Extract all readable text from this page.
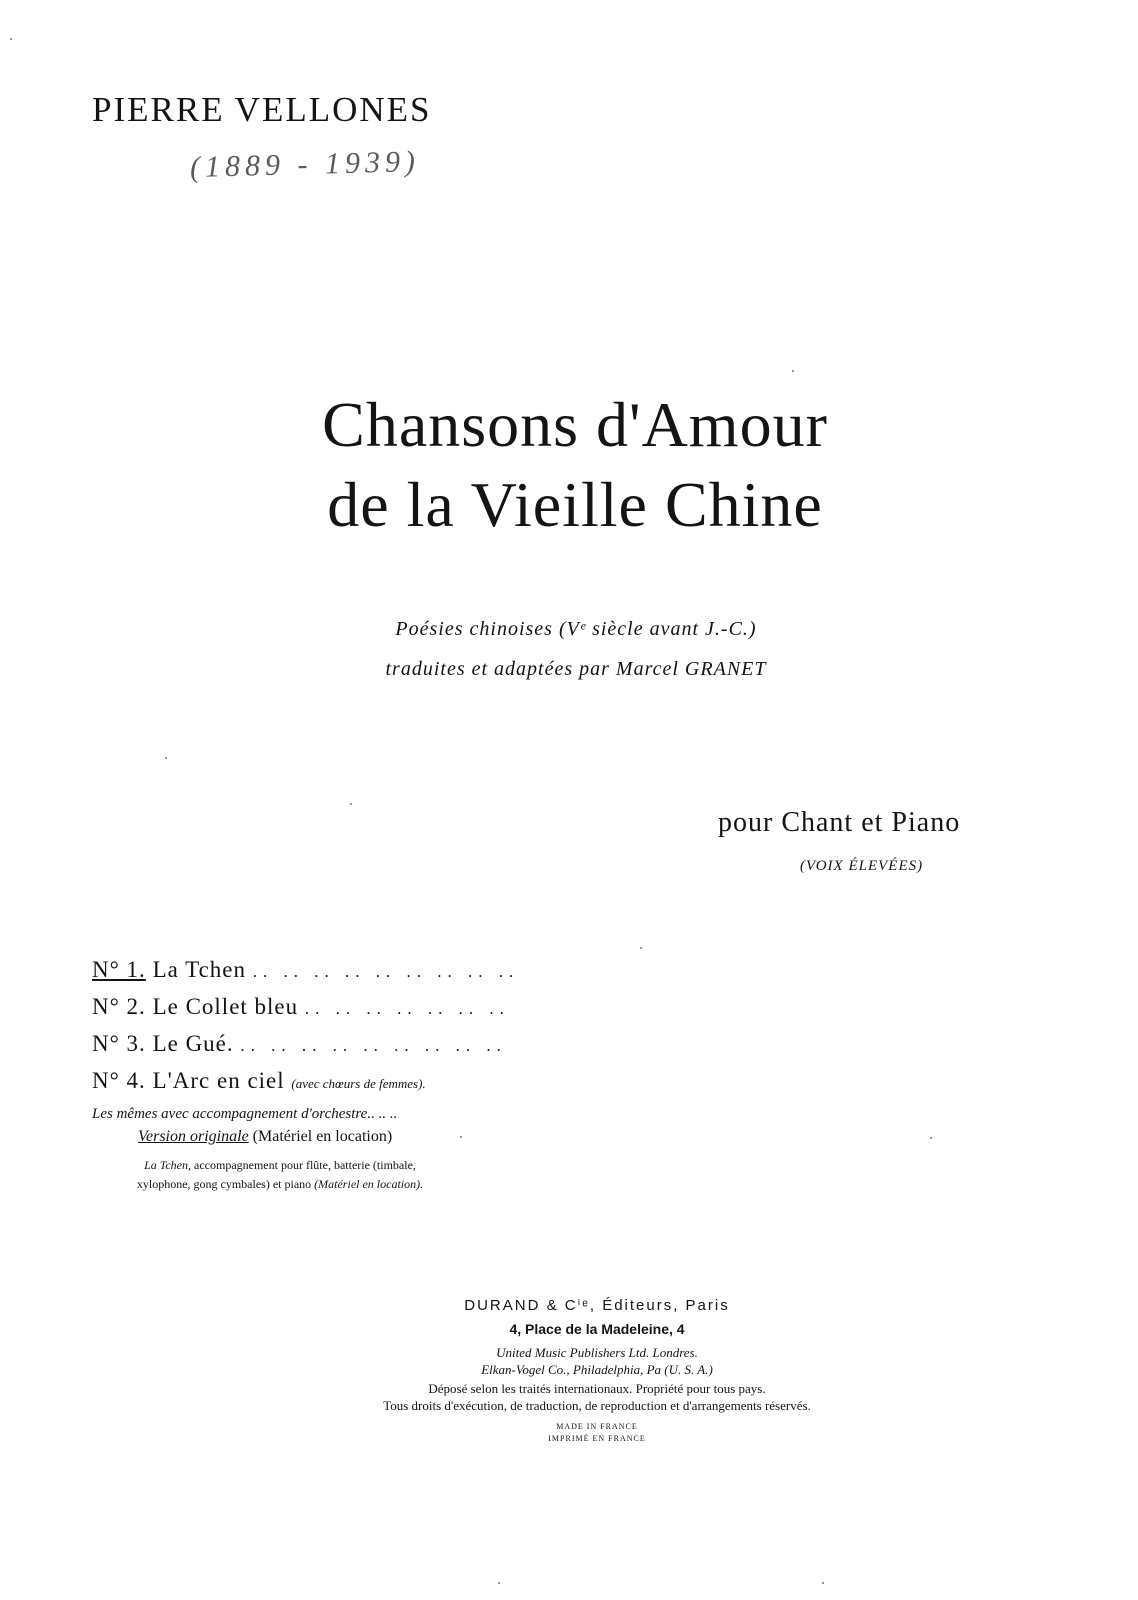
PIERRE VELLONES
(1889 - 1939)
Chansons d'Amour
de la Vieille Chine
Poésies chinoises (Vᵉ siècle avant J.-C.)
traduites et adaptées par Marcel GRANET
pour Chant et Piano
(VOIX ÉLEVÉES)
N° 1. La Tchen .. .. .. .. .. .. .. .. ..
N° 2. Le Collet bleu .. .. .. .. .. .. ..
N° 3. Le Gué. .. .. .. .. .. .. .. .. ..
N° 4. L'Arc en ciel (avec chœurs de femmes).
Les mêmes avec accompagnement d'orchestre.. .. ..
Version originale (Matériel en location)
La Tchen, accompagnement pour flûte, batterie (timbale,
xylophone, gong cymbales) et piano (Matériel en location).
DURAND & Cⁱᵉ, Éditeurs, Paris
4, Place de la Madeleine, 4
United Music Publishers Ltd. Londres.
Elkan-Vogel Co., Philadelphia, Pa (U. S. A.)
Déposé selon les traités internationaux. Propriété pour tous pays.
Tous droits d'exécution, de traduction, de reproduction et d'arrangements réservés.
MADE IN FRANCE
IMPRIMÉ EN FRANCE
